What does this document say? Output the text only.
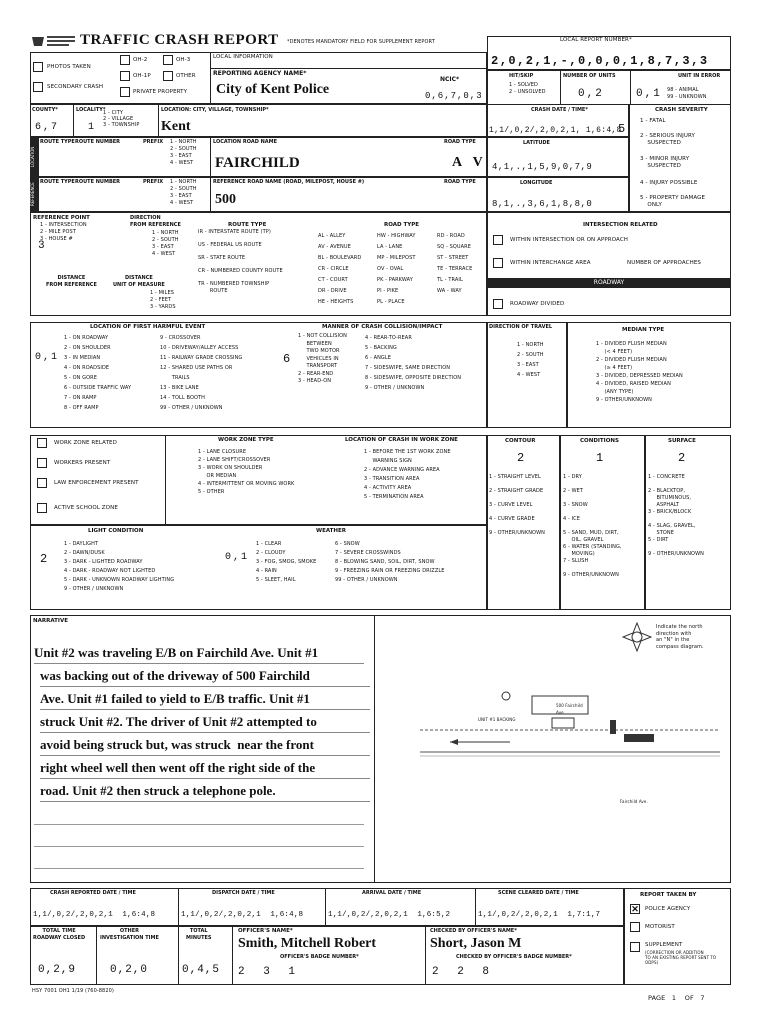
TRAFFIC CRASH REPORT *DENOTES MANDATORY FIELD FOR SUPPLEMENT REPORT	LOCAL REPORT NUMBER*
2,0,2,1,-,0,0,0,1,8,7,3,3
PHOTOS TAKEN
SECONDARY CRASH
OH-2	OH-3
OH-1P	OTHER
PRIVATE PROPERTY
LOCAL INFORMATION
REPORTING AGENCY NAME*
City of Kent Police
NCIC*
0,6,7,0,3
HIT/SKIP
1 - SOLVED
2 - UNSOLVED
NUMBER OF UNITS
0,2
UNIT IN ERROR
0,1 98 - ANIMAL
99 - UNKNOWN
COUNTY*
6,7
LOCALITY*
1 - CITY
2 - VILLAGE
3 - TOWNSHIP
1
LOCATION: CITY, VILLAGE, TOWNSHIP*
Kent
CRASH DATE / TIME*
1,1/,0,2/,2,0,2,1, 1,6:4,8
5
CRASH SEVERITY
1 - FATAL
2 - SERIOUS INJURY
SUSPECTED
3 - MINOR INJURY
SUSPECTED
4 - INJURY POSSIBLE
5 - PROPERTY DAMAGE
ONLY
LOCATION
REFERENCE
ROUTE TYPE ROUTE NUMBER	PREFIX 1 - NORTH
2 - SOUTH
3 - EAST
4 - WEST
LOCATION ROAD NAME
FAIRCHILD
ROAD TYPE
A V
LATITUDE
4,1,.,1,5,9,0,7,9
ROUTE TYPE ROUTE NUMBER	PREFIX 1 - NORTH
2 - SOUTH
3 - EAST
4 - WEST
REFERENCE ROAD NAME (ROAD, MILEPOST, HOUSE #)
500
ROAD TYPE	LONGITUDE
8,1,.,3,6,1,8,8,0
REFERENCE POINT
1 - INTERSECTION
2 - MILE POST
3 - HOUSE #
3
DIRECTION
FROM REFERENCE
1 - NORTH
2 - SOUTH
3 - EAST
4 - WEST
DISTANCE
FROM REFERENCE
DISTANCE
UNIT OF MEASURE
1 - MILES
2 - FEET
3 - YARDS
ROUTE TYPE
IR - INTERSTATE ROUTE (TP)

US - FEDERAL US ROUTE

SR - STATE ROUTE

CR - NUMBERED COUNTY ROUTE

TR - NUMBERED TOWNSHIP
ROUTE
ROAD TYPE
AL - ALLEY
AV - AVENUE
BL - BOULEVARD
CR - CIRCLE
CT - COURT
DR - DRIVE
HE - HEIGHTS
HW - HIGHWAY
LA - LANE
MP - MILEPOST
OV - OVAL
PK - PARKWAY
PI - PIKE
PL - PLACE
RD - ROAD
SQ - SQUARE
ST - STREET
TE - TERRACE
TL - TRAIL
WA - WAY
INTERSECTION RELATED
WITHIN INTERSECTION OR ON APPROACH
WITHIN INTERCHANGE AREA	NUMBER OF APPROACHES
ROADWAY
ROADWAY DIVIDED
LOCATION OF FIRST HARMFUL EVENT
0,1
1 - ON ROADWAY
2 - ON SHOULDER
3 - IN MEDIAN
4 - ON ROADSIDE
5 - ON GORE
6 - OUTSIDE TRAFFIC WAY
7 - ON RAMP
8 - OFF RAMP
9 - CROSSOVER
10 - DRIVEWAY/ALLEY ACCESS
11 - RAILWAY GRADE CROSSING
12 - SHARED USE PATHS OR
TRAILS
13 - BIKE LANE
14 - TOLL BOOTH
99 - OTHER / UNKNOWN
MANNER OF CRASH COLLISION/IMPACT
6
1 - NOT COLLISION
BETWEEN
TWO MOTOR
VEHICLES IN
TRANSPORT
2 - REAR-END
3 - HEAD-ON
4 - REAR-TO-REAR
5 - BACKING
6 - ANGLE
7 - SIDESWIPE, SAME DIRECTION
8 - SIDESWIPE, OPPOSITE DIRECTION
9 - OTHER / UNKNOWN
DIRECTION OF TRAVEL
1 - NORTH
2 - SOUTH
3 - EAST
4 - WEST
MEDIAN TYPE
1 - DIVIDED FLUSH MEDIAN
(< 4 FEET)
2 - DIVIDED FLUSH MEDIAN
(≥ 4 FEET)
3 - DIVIDED, DEPRESSED MEDIAN
4 - DIVIDED, RAISED MEDIAN
(ANY TYPE)
9 - OTHER/UNKNOWN
WORK ZONE RELATED
WORKERS PRESENT
LAW ENFORCEMENT PRESENT
ACTIVE SCHOOL ZONE
WORK ZONE TYPE
1 - LANE CLOSURE
2 - LANE SHIFT/CROSSOVER
3 - WORK ON SHOULDER
OR MEDIAN
4 - INTERMITTENT OR MOVING WORK
5 - OTHER
LOCATION OF CRASH IN WORK ZONE
1 - BEFORE THE 1ST WORK ZONE
WARNING SIGN
2 - ADVANCE WARNING AREA
3 - TRANSITION AREA
4 - ACTIVITY AREA
5 - TERMINATION AREA
LIGHT CONDITION
2
1 - DAYLIGHT
2 - DAWN/DUSK
3 - DARK - LIGHTED ROADWAY
4 - DARK - ROADWAY NOT LIGHTED
5 - DARK - UNKNOWN ROADWAY LIGHTING
9 - OTHER / UNKNOWN
WEATHER
0,1
1 - CLEAR
2 - CLOUDY
3 - FOG, SMOG, SMOKE
4 - RAIN
5 - SLEET, HAIL
6 - SNOW
7 - SEVERE CROSSWINDS
8 - BLOWING SAND, SOIL, DIRT, SNOW
9 - FREEZING RAIN OR FREEZING DRIZZLE
99 - OTHER / UNKNOWN
CONTOUR
2
1 - STRAIGHT LEVEL

2 - STRAIGHT GRADE

3 - CURVE LEVEL

4 - CURVE GRADE

9 - OTHER/UNKNOWN
CONDITIONS
1
1 - DRY

2 - WET

3 - SNOW

4 - ICE

5 - SAND, MUD, DIRT,
OIL, GRAVEL
6 - WATER (STANDING,
MOVING)
7 - SLUSH

9 - OTHER/UNKNOWN
SURFACE
2
1 - CONCRETE

2 - BLACKTOP,
BITUMINOUS,
ASPHALT
3 - BRICK/BLOCK

4 - SLAG, GRAVEL,
STONE
5 - DIRT

9 - OTHER/UNKNOWN
NARRATIVE
Unit #2 was traveling E/B on Fairchild Ave. Unit #1
was backing out of the driveway of 500 Fairchild
Ave. Unit #1 failed to yield to E/B traffic. Unit #1
struck Unit #2. The driver of Unit #2 attempted to
avoid being struck but, was struck  near the front
right wheel well then went off the right side of the
road. Unit #2 then struck a telephone pole.
Indicate the north
direction with
an "N" in the
compass diagram.
500 Fairchild
Ave.
UNIT #1 BACKING
Fairchild Ave.
CRASH REPORTED DATE / TIME
1,1/,0,2/,2,0,2,1  1,6:4,8
DISPATCH DATE / TIME
1,1/,0,2/,2,0,2,1  1,6:4,8
ARRIVAL DATE / TIME
1,1/,0,2/,2,0,2,1  1,6:5,2
SCENE CLEARED DATE / TIME
1,1/,0,2/,2,0,2,1  1,7:1,7
REPORT TAKEN BY
✕ POLICE AGENCY
MOTORIST
SUPPLEMENT
(CORRECTION OR ADDITION
TO AN EXISTING REPORT SENT TO
ODPS)
TOTAL TIME
ROADWAY CLOSED
0,2,9
OTHER
INVESTIGATION TIME
0,2,0
TOTAL
MINUTES
0,4,5
OFFICER'S NAME*
Smith, Mitchell Robert
OFFICER'S BADGE NUMBER*
2 3 1
CHECKED BY OFFICER'S NAME*
Short, Jason M
CHECKED BY OFFICER'S BADGE NUMBER*
2 2 8
HSY 7001 OH1 1/19 (760-8820)
PAGE   1    OF   7
